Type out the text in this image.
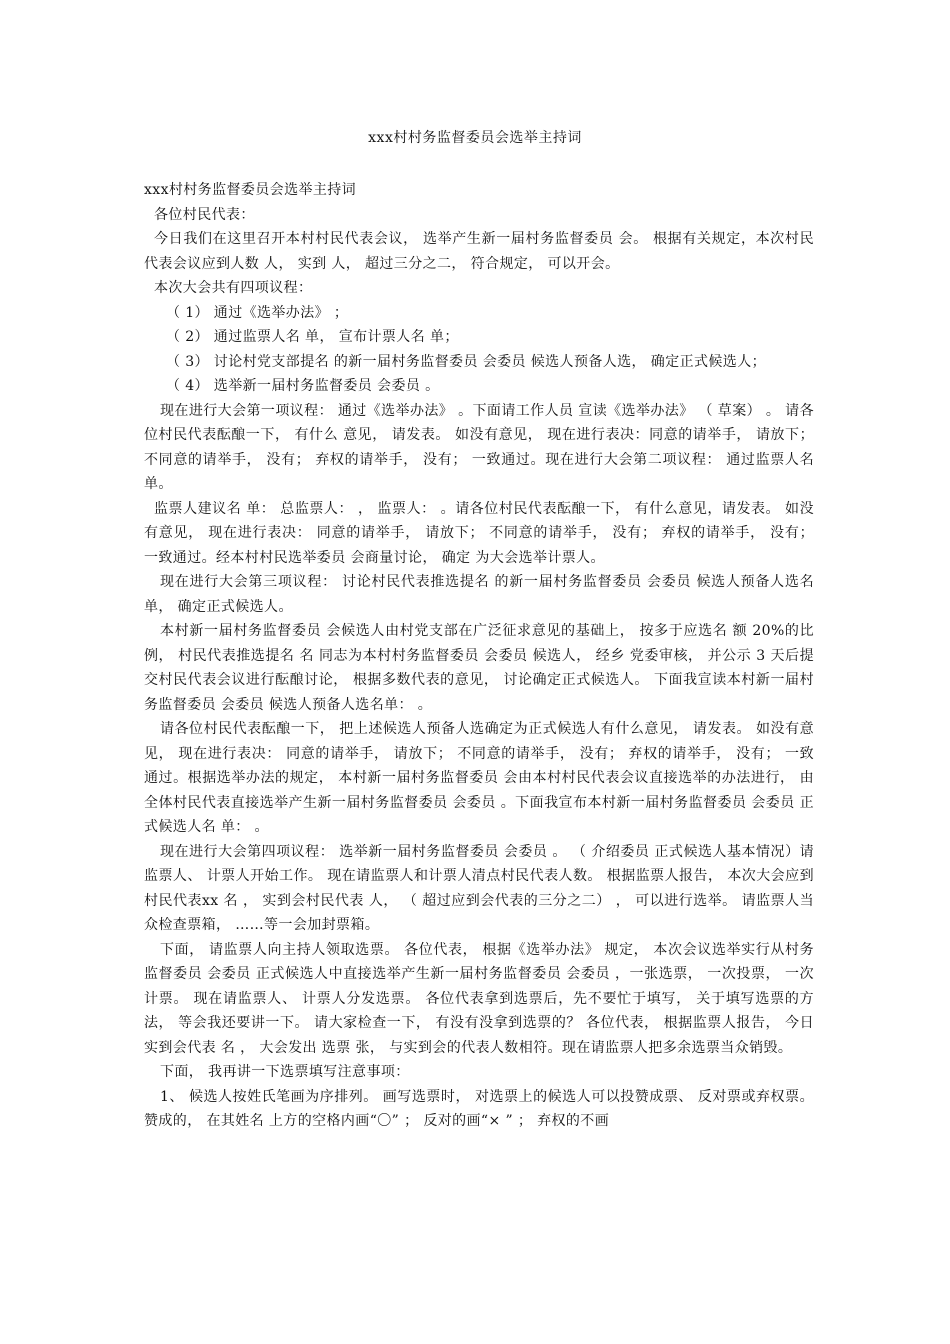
xxx村村务监督委员会选举主持词

xxx村村务监督委员会选举主持词

各位村民代表：

今日我们在这里召开本村村民代表会议， 选举产生新一届村务监督委员 会。 根据有关规定，本次村民代表会议应到人数 人， 实到 人， 超过三分之二， 符合规定， 可以开会。

本次大会共有四项议程：

（ 1） 通过《选举办法》 ；

（ 2） 通过监票人名 单， 宣布计票人名 单；

（ 3） 讨论村党支部提名 的新一届村务监督委员 会委员 候选人预备人选， 确定正式候选人；

（ 4） 选举新一届村务监督委员 会委员 。

现在进行大会第一项议程： 通过《选举办法》 。下面请工作人员 宣读《选举办法》 （ 草案） 。 请各位村民代表酝酿一下， 有什么 意见， 请发表。 如没有意见， 现在进行表决：同意的请举手， 请放下； 不同意的请举手， 没有； 弃权的请举手， 没有； 一致通过。现在进行大会第二项议程： 通过监票人名 单。

监票人建议名 单： 总监票人： ， 监票人： 。请各位村民代表酝酿一下， 有什么意见，请发表。 如没有意见， 现在进行表决： 同意的请举手， 请放下； 不同意的请举手， 没有； 弃权的请举手， 没有； 一致通过。经本村村民选举委员 会商量讨论， 确定 为大会选举计票人。

现在进行大会第三项议程： 讨论村民代表推选提名 的新一届村务监督委员 会委员 候选人预备人选名 单， 确定正式候选人。

本村新一届村务监督委员 会候选人由村党支部在广泛征求意见的基础上， 按多于应选名 额 20%的比例， 村民代表推选提名 名 同志为本村村务监督委员 会委员 候选人， 经乡 党委审核， 并公示 3 天后提交村民代表会议进行酝酿讨论， 根据多数代表的意见， 讨论确定正式候选人。 下面我宣读本村新一届村务监督委员 会委员 候选人预备人选名单： 。

请各位村民代表酝酿一下， 把上述候选人预备人选确定为正式候选人有什么意见， 请发表。 如没有意见， 现在进行表决： 同意的请举手， 请放下； 不同意的请举手， 没有； 弃权的请举手， 没有； 一致通过。根据选举办法的规定， 本村新一届村务监督委员 会由本村村民代表会议直接选举的办法进行， 由全体村民代表直接选举产生新一届村务监督委员 会委员 。下面我宣布本村新一届村务监督委员 会委员 正式候选人名 单： 。

现在进行大会第四项议程： 选举新一届村务监督委员 会委员 。 （ 介绍委员 正式候选人基本情况）请监票人、 计票人开始工作。 现在请监票人和计票人清点村民代表人数。 根据监票人报告， 本次大会应到村民代表xx 名 ， 实到会村民代表 人， （ 超过应到会代表的三分之二） ， 可以进行选举。 请监票人当众检查票箱， ……等一会加封票箱。

下面， 请监票人向主持人领取选票。 各位代表， 根据《选举办法》 规定， 本次会议选举实行从村务监督委员 会委员 正式候选人中直接选举产生新一届村务监督委员 会委员 ，一张选票， 一次投票， 一次计票。 现在请监票人、 计票人分发选票。 各位代表拿到选票后，先不要忙于填写， 关于填写选票的方法， 等会我还要讲一下。 请大家检查一下， 有没有没拿到选票的？ 各位代表， 根据监票人报告， 今日实到会代表 名 ， 大会发出 选票 张， 与实到会的代表人数相符。现在请监票人把多余选票当众销毁。

下面， 我再讲一下选票填写注意事项：

1、 候选人按姓氏笔画为序排列。 画写选票时， 对选票上的候选人可以投赞成票、 反对票或弃权票。 赞成的， 在其姓名 上方的空格内画“〇” ； 反对的画“× ” ； 弃权的不画
